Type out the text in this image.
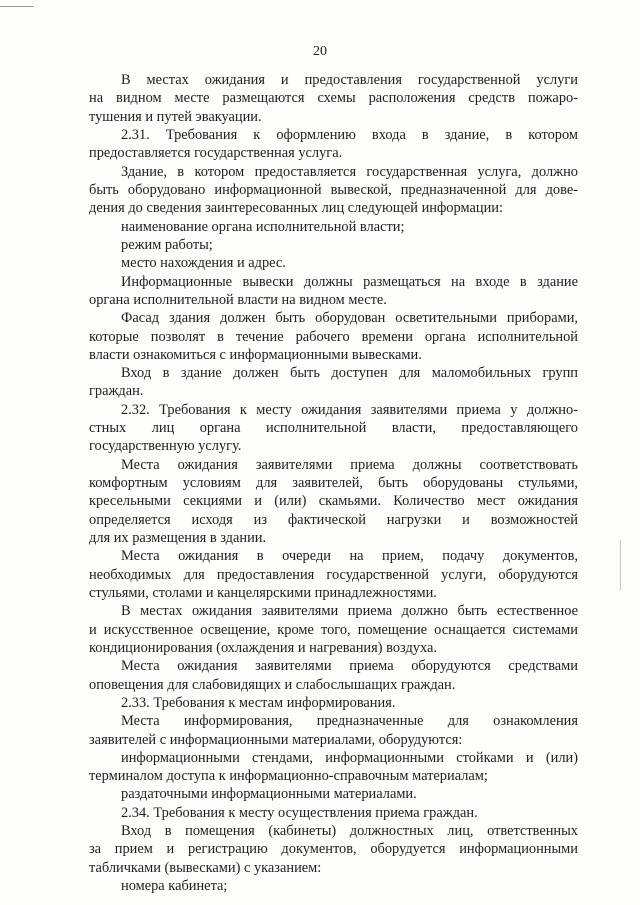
20
В местах ожидания и предоставления государственной услуги
на видном месте размещаются схемы расположения средств пожаро-
тушения и путей эвакуации.
2.31. Требования к оформлению входа в здание, в котором
предоставляется государственная услуга.
Здание, в котором предоставляется государственная услуга, должно
быть оборудовано информационной вывеской, предназначенной для дове-
дения до сведения заинтересованных лиц следующей информации:
наименование органа исполнительной власти;
режим работы;
место нахождения и адрес.
Информационные вывески должны размещаться на входе в здание
органа исполнительной власти на видном месте.
Фасад здания должен быть оборудован осветительными приборами,
которые позволят в течение рабочего времени органа исполнительной
власти ознакомиться с информационными вывесками.
Вход в здание должен быть доступен для маломобильных групп
граждан.
2.32. Требования к месту ожидания заявителями приема у должно-
стных лиц органа исполнительной власти, предоставляющего
государственную услугу.
Места ожидания заявителями приема должны соответствовать
комфортным условиям для заявителей, быть оборудованы стульями,
кресельными секциями и (или) скамьями. Количество мест ожидания
определяется исходя из фактической нагрузки и возможностей
для их размещения в здании.
Места ожидания в очереди на прием, подачу документов,
необходимых для предоставления государственной услуги, оборудуются
стульями, столами и канцелярскими принадлежностями.
В местах ожидания заявителями приема должно быть естественное
и искусственное освещение, кроме того, помещение оснащается системами
кондиционирования (охлаждения и нагревания) воздуха.
Места ожидания заявителями приема оборудуются средствами
оповещения для слабовидящих и слабослышащих граждан.
2.33. Требования к местам информирования.
Места информирования, предназначенные для ознакомления
заявителей с информационными материалами, оборудуются:
информационными стендами, информационными стойками и (или)
терминалом доступа к информационно-справочным материалам;
раздаточными информационными материалами.
2.34. Требования к месту осуществления приема граждан.
Вход в помещения (кабинеты) должностных лиц, ответственных
за прием и регистрацию документов, оборудуется информационными
табличками (вывесками) с указанием:
номера кабинета;
